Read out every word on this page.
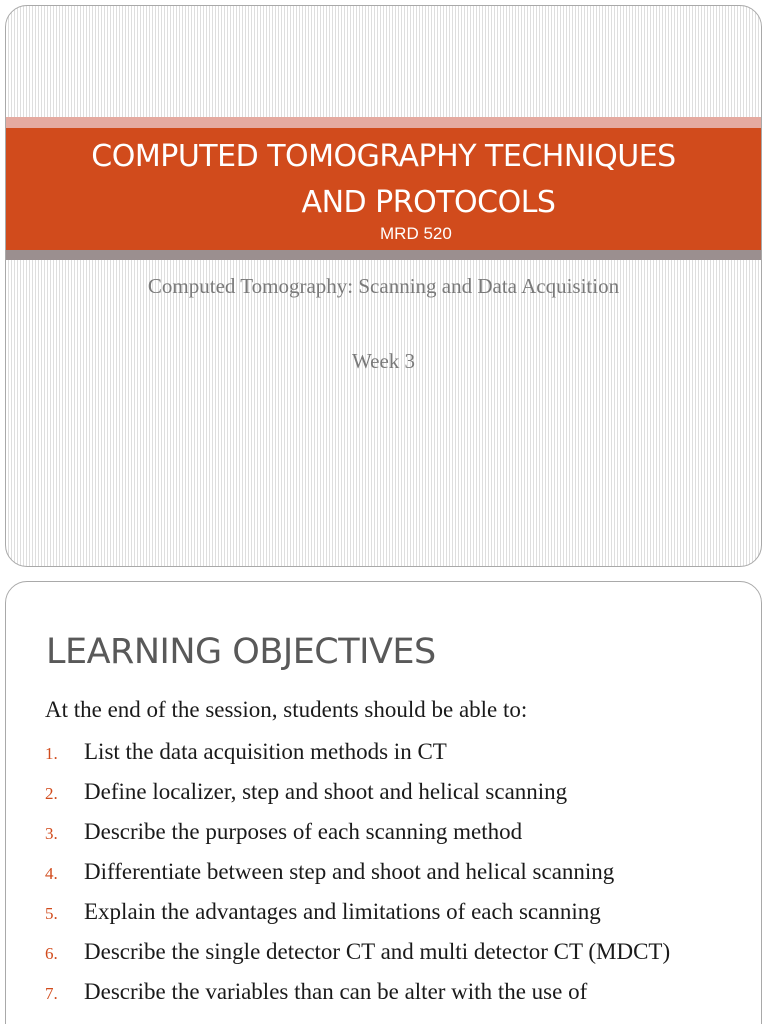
COMPUTED TOMOGRAPHY TECHNIQUES
AND PROTOCOLS
MRD 520
Computed Tomography: Scanning and Data Acquisition
Week 3
LEARNING OBJECTIVES
At the end of the session, students should be able to:
1. List the data acquisition methods in CT
2. Define localizer, step and shoot and helical scanning
3. Describe the purposes of each scanning method
4. Differentiate between step and shoot and helical scanning
5. Explain the advantages and limitations of each scanning
6. Describe the single detector CT and multi detector CT (MDCT)
7. Describe the variables than can be alter with the use of
